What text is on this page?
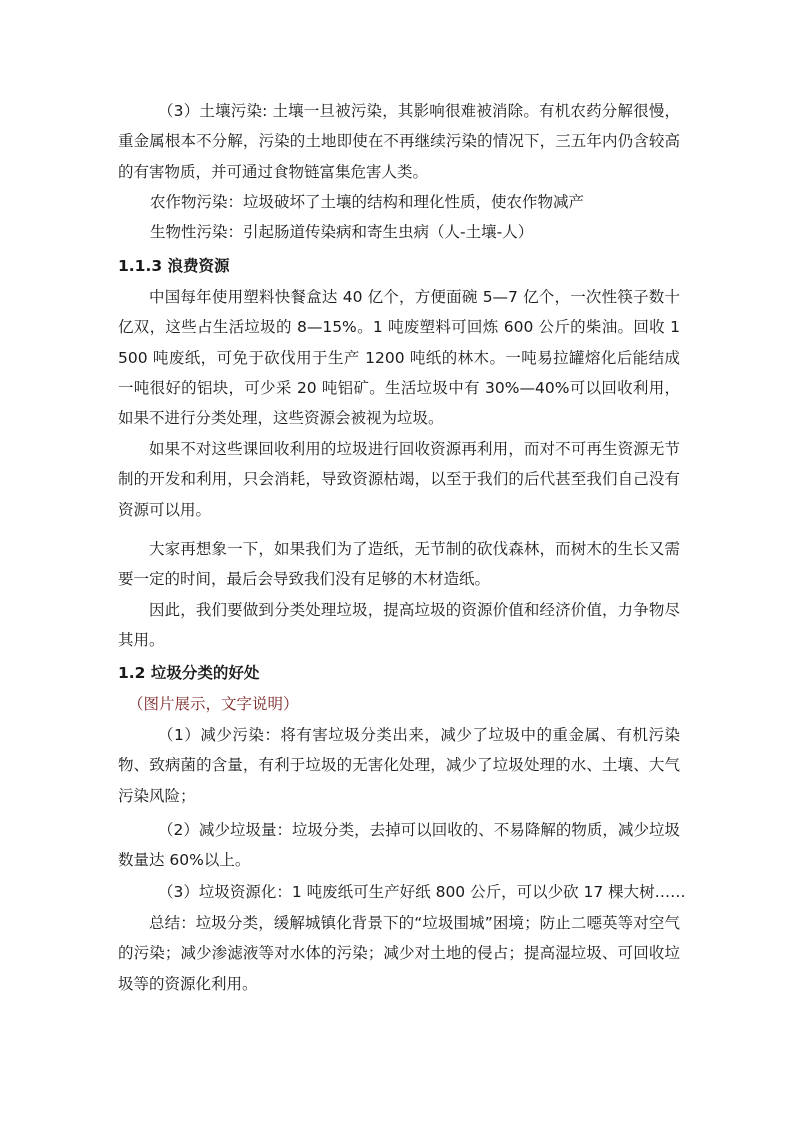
（3）土壤污染: 土壤一旦被污染，其影响很难被消除。有机农药分解很慢，重金属根本不分解，污染的土地即使在不再继续污染的情况下，三五年内仍含较高的有害物质，并可通过食物链富集危害人类。

农作物污染：垃圾破坏了土壤的结构和理化性质，使农作物减产

生物性污染：引起肠道传染病和寄生虫病（人-土壤-人）

1.1.3 浪费资源

中国每年使用塑料快餐盒达 40 亿个，方便面碗 5—7 亿个，一次性筷子数十亿双，这些占生活垃圾的 8—15%。1 吨废塑料可回炼 600 公斤的柴油。回收 1500 吨废纸，可免于砍伐用于生产 1200 吨纸的林木。一吨易拉罐熔化后能结成一吨很好的铝块，可少采 20 吨铝矿。生活垃圾中有 30%—40%可以回收利用，如果不进行分类处理，这些资源会被视为垃圾。

如果不对这些课回收利用的垃圾进行回收资源再利用，而对不可再生资源无节制的开发和利用，只会消耗，导致资源枯竭，以至于我们的后代甚至我们自己没有资源可以用。

大家再想象一下，如果我们为了造纸，无节制的砍伐森林，而树木的生长又需要一定的时间，最后会导致我们没有足够的木材造纸。

因此，我们要做到分类处理垃圾，提高垃圾的资源价值和经济价值，力争物尽其用。

1.2 垃圾分类的好处

（图片展示，文字说明）

（1）减少污染：将有害垃圾分类出来，减少了垃圾中的重金属、有机污染物、致病菌的含量，有利于垃圾的无害化处理，减少了垃圾处理的水、土壤、大气污染风险；

（2）减少垃圾量：垃圾分类，去掉可以回收的、不易降解的物质，减少垃圾数量达 60%以上。

（3）垃圾资源化：1 吨废纸可生产好纸 800 公斤，可以少砍 17 棵大树……

总结：垃圾分类，缓解城镇化背景下的“垃圾围城”困境；防止二噁英等对空气的污染；减少渗滤液等对水体的污染；减少对土地的侵占；提高湿垃圾、可回收垃圾等的资源化利用。
